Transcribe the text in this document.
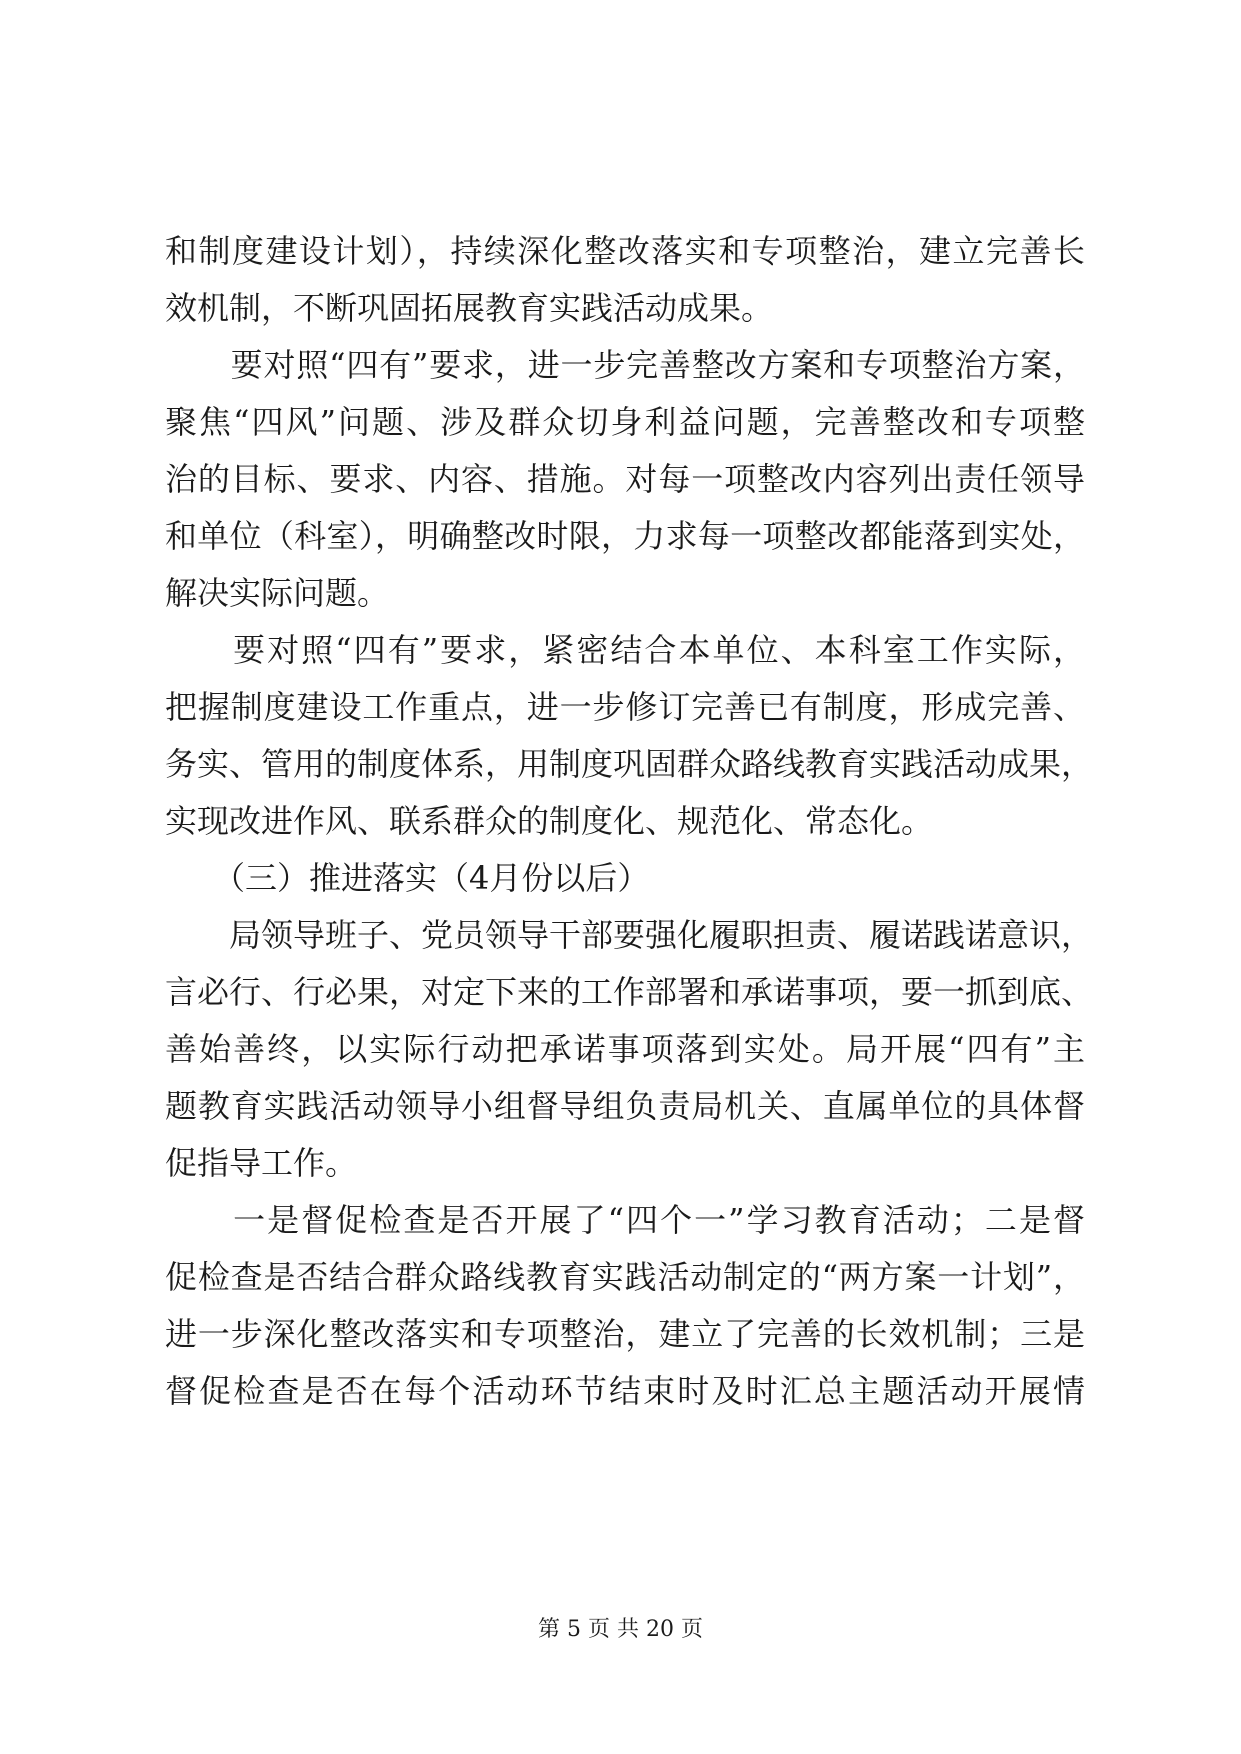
和制度建设计划），持续深化整改落实和专项整治，建立完善长
效机制，不断巩固拓展教育实践活动成果。
　　要对照“四有”要求，进一步完善整改方案和专项整治方案，
聚焦“四风”问题、涉及群众切身利益问题，完善整改和专项整
治的目标、要求、内容、措施。对每一项整改内容列出责任领导
和单位（科室），明确整改时限，力求每一项整改都能落到实处，
解决实际问题。
　　要对照“四有”要求，紧密结合本单位、本科室工作实际，
把握制度建设工作重点，进一步修订完善已有制度，形成完善、
务实、管用的制度体系，用制度巩固群众路线教育实践活动成果，
实现改进作风、联系群众的制度化、规范化、常态化。
　　（三）推进落实（4月份以后）
　　局领导班子、党员领导干部要强化履职担责、履诺践诺意识，
言必行、行必果，对定下来的工作部署和承诺事项，要一抓到底、
善始善终，以实际行动把承诺事项落到实处。局开展“四有”主
题教育实践活动领导小组督导组负责局机关、直属单位的具体督
促指导工作。
　　一是督促检查是否开展了“四个一”学习教育活动；二是督
促检查是否结合群众路线教育实践活动制定的“两方案一计划”，
进一步深化整改落实和专项整治，建立了完善的长效机制；三是
督促检查是否在每个活动环节结束时及时汇总主题活动开展情
第 5 页 共 20 页
